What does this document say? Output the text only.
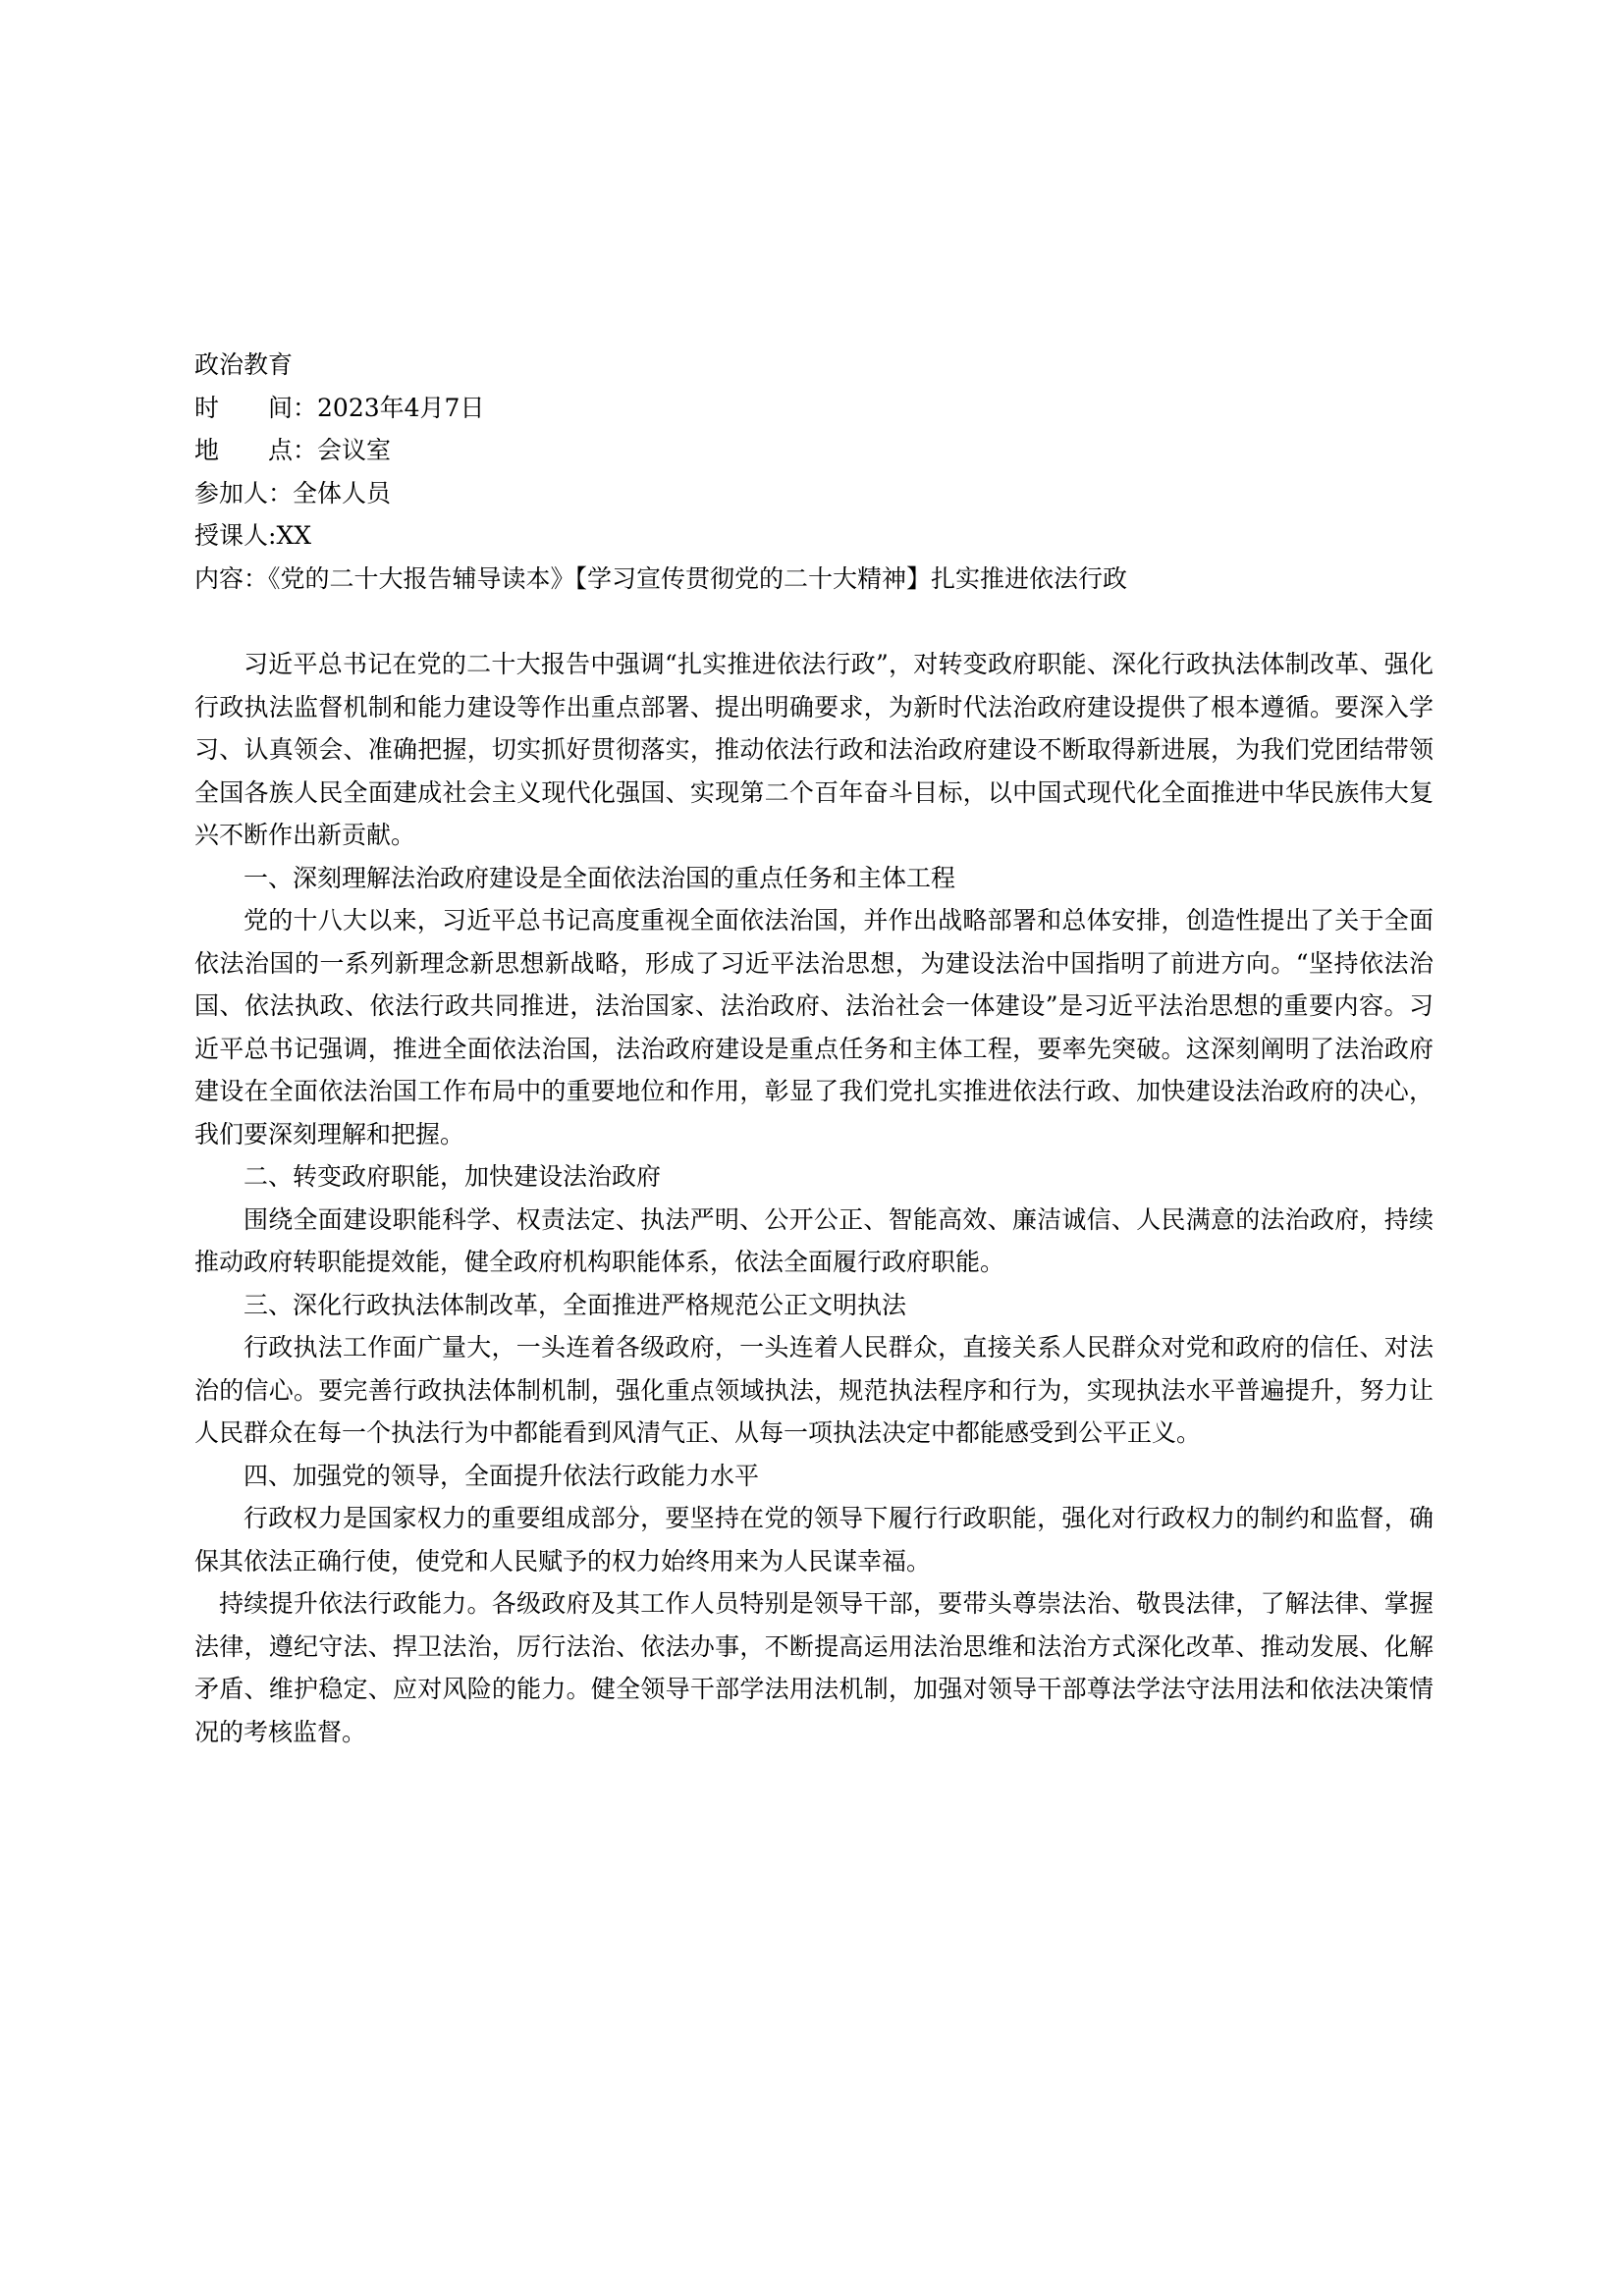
政治教育
时 间：2023年4月7日
地 点：会议室
参加人：全体人员
授课人:XX
内容：《党的二十大报告辅导读本》【学习宣传贯彻党的二十大精神】扎实推进依法行政

习近平总书记在党的二十大报告中强调“扎实推进依法行政”，对转变政府职能、深化行政执法体制改革、强化行政执法监督机制和能力建设等作出重点部署、提出明确要求，为新时代法治政府建设提供了根本遵循。要深入学习、认真领会、准确把握，切实抓好贯彻落实，推动依法行政和法治政府建设不断取得新进展，为我们党团结带领全国各族人民全面建成社会主义现代化强国、实现第二个百年奋斗目标，以中国式现代化全面推进中华民族伟大复兴不断作出新贡献。

一、深刻理解法治政府建设是全面依法治国的重点任务和主体工程

党的十八大以来，习近平总书记高度重视全面依法治国，并作出战略部署和总体安排，创造性提出了关于全面依法治国的一系列新理念新思想新战略，形成了习近平法治思想，为建设法治中国指明了前进方向。“坚持依法治国、依法执政、依法行政共同推进，法治国家、法治政府、法治社会一体建设”是习近平法治思想的重要内容。习近平总书记强调，推进全面依法治国，法治政府建设是重点任务和主体工程，要率先突破。这深刻阐明了法治政府建设在全面依法治国工作布局中的重要地位和作用，彰显了我们党扎实推进依法行政、加快建设法治政府的决心，我们要深刻理解和把握。

二、转变政府职能，加快建设法治政府

围绕全面建设职能科学、权责法定、执法严明、公开公正、智能高效、廉洁诚信、人民满意的法治政府，持续推动政府转职能提效能，健全政府机构职能体系，依法全面履行政府职能。

三、深化行政执法体制改革，全面推进严格规范公正文明执法

行政执法工作面广量大，一头连着各级政府，一头连着人民群众，直接关系人民群众对党和政府的信任、对法治的信心。要完善行政执法体制机制，强化重点领域执法，规范执法程序和行为，实现执法水平普遍提升，努力让人民群众在每一个执法行为中都能看到风清气正、从每一项执法决定中都能感受到公平正义。

四、加强党的领导，全面提升依法行政能力水平

行政权力是国家权力的重要组成部分，要坚持在党的领导下履行行政职能，强化对行政权力的制约和监督，确保其依法正确行使，使党和人民赋予的权力始终用来为人民谋幸福。

持续提升依法行政能力。各级政府及其工作人员特别是领导干部，要带头尊崇法治、敬畏法律，了解法律、掌握法律，遵纪守法、捍卫法治，厉行法治、依法办事，不断提高运用法治思维和法治方式深化改革、推动发展、化解矛盾、维护稳定、应对风险的能力。健全领导干部学法用法机制，加强对领导干部尊法学法守法用法和依法决策情况的考核监督。
